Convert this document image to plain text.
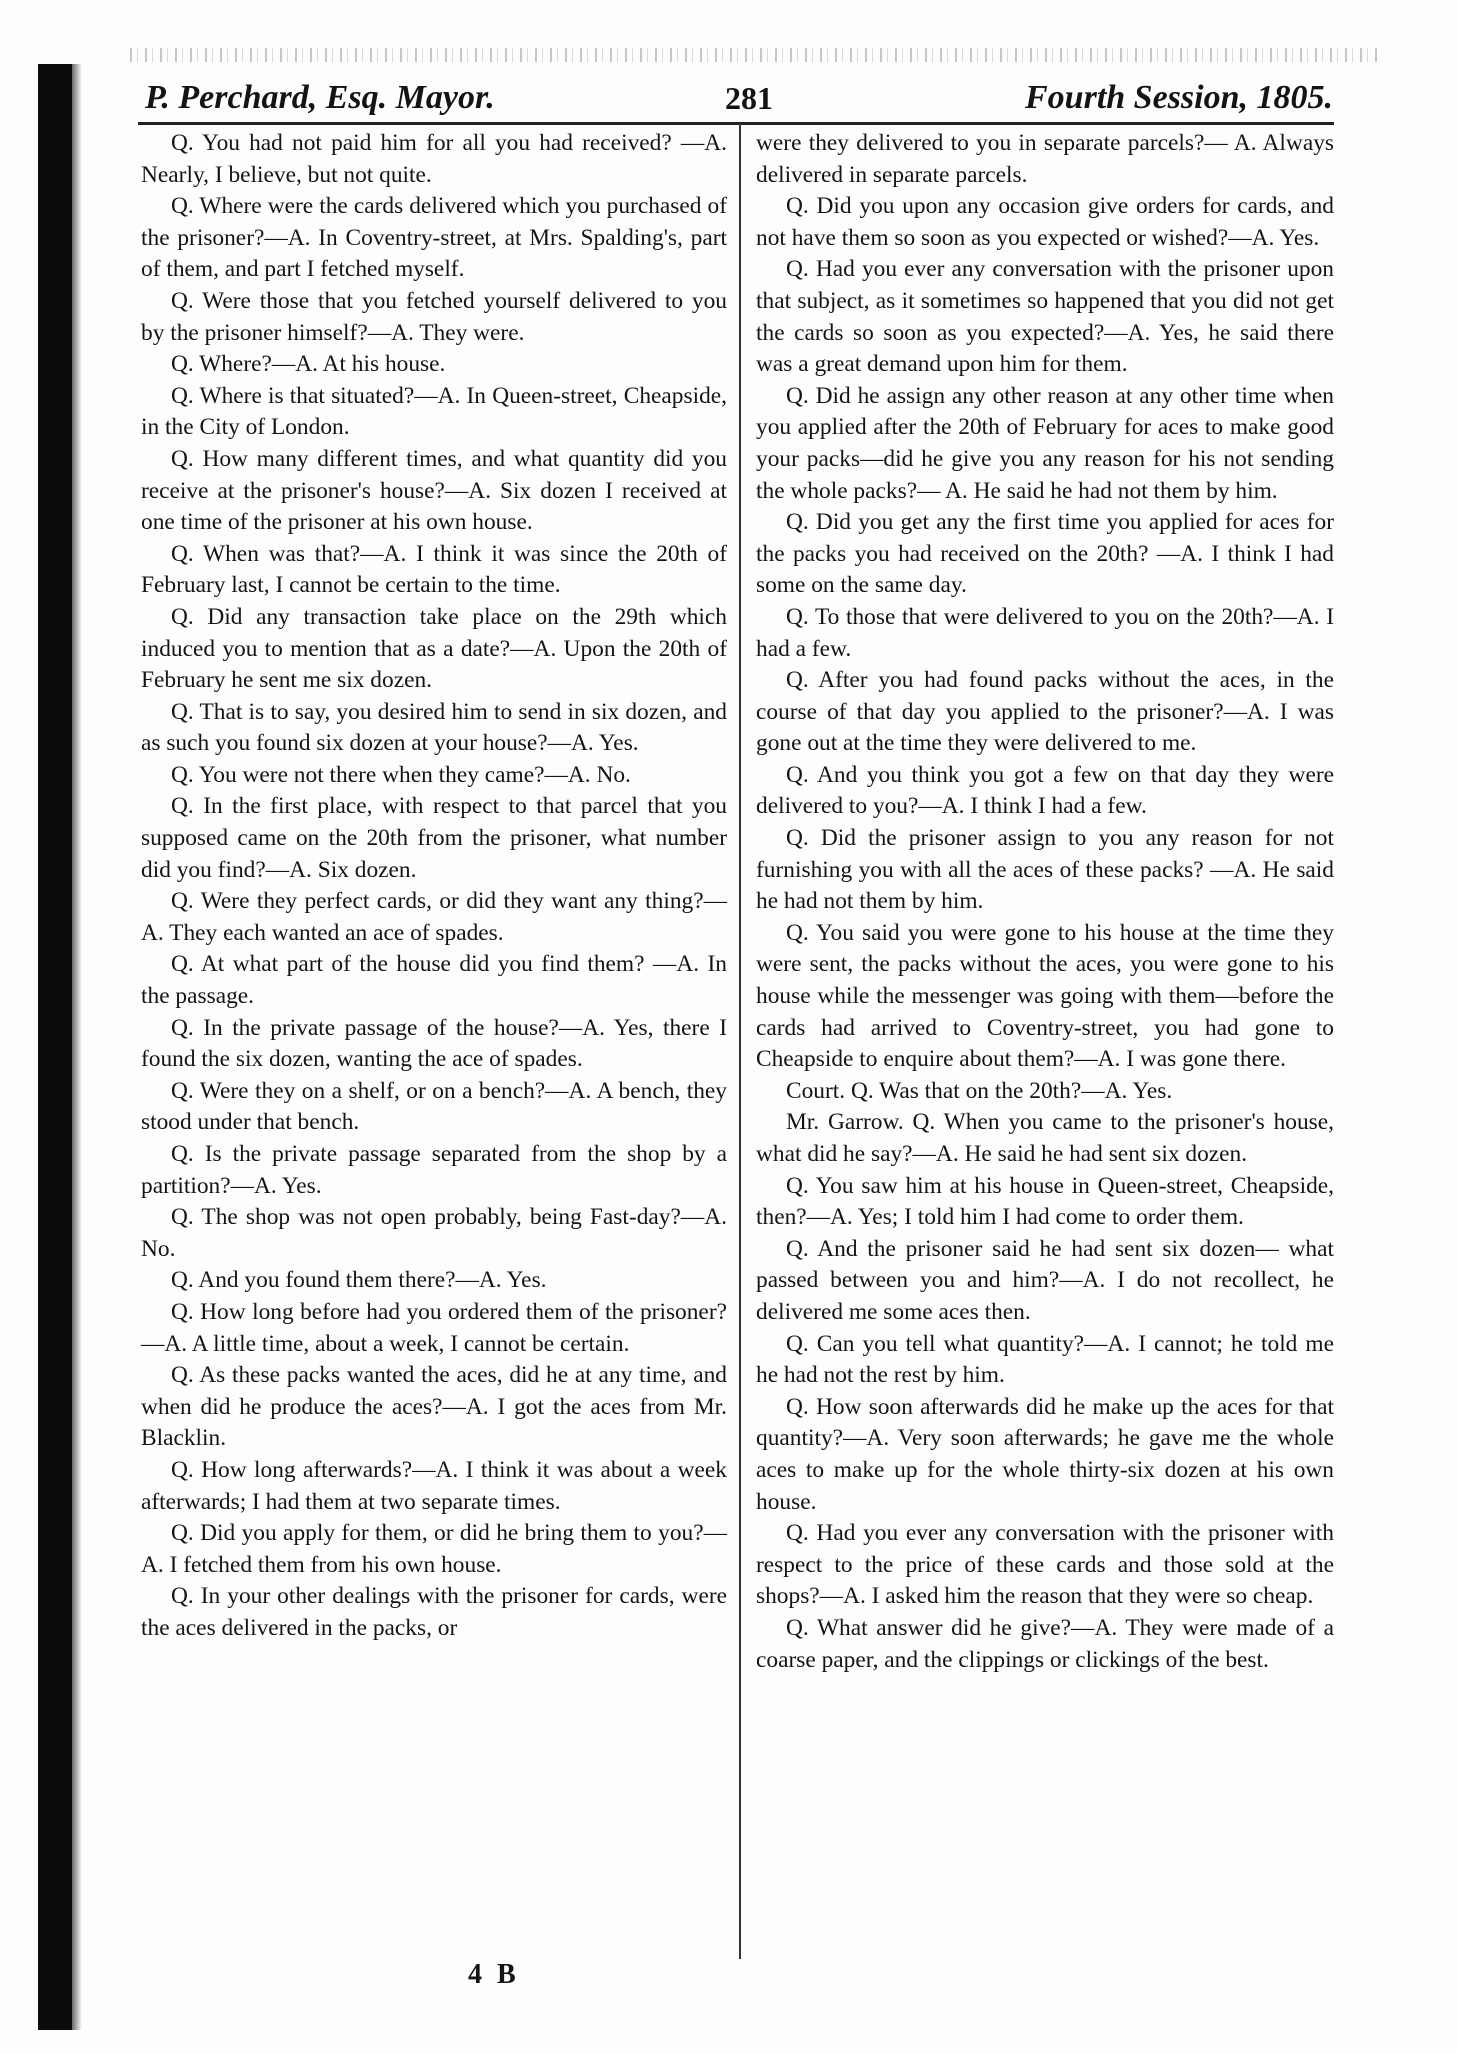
P. Perchard, Esq. Mayor.	281	Fourth Session, 1805.

Q. You had not paid him for all you had received? —A. Nearly, I believe, but not quite.

Q. Where were the cards delivered which you purchased of the prisoner?—A. In Coventry-street, at Mrs. Spalding's, part of them, and part I fetched myself.

Q. Were those that you fetched yourself delivered to you by the prisoner himself?—A. They were.

Q. Where?—A. At his house.

Q. Where is that situated?—A. In Queen-street, Cheapside, in the City of London.

Q. How many different times, and what quantity did you receive at the prisoner's house?—A. Six dozen I received at one time of the prisoner at his own house.

Q. When was that?—A. I think it was since the 20th of February last, I cannot be certain to the time.

Q. Did any transaction take place on the 29th which induced you to mention that as a date?—A. Upon the 20th of February he sent me six dozen.

Q. That is to say, you desired him to send in six dozen, and as such you found six dozen at your house?—A. Yes.

Q. You were not there when they came?—A. No.

Q. In the first place, with respect to that parcel that you supposed came on the 20th from the prisoner, what number did you find?—A. Six dozen.

Q. Were they perfect cards, or did they want any thing?—A. They each wanted an ace of spades.

Q. At what part of the house did you find them? —A. In the passage.

Q. In the private passage of the house?—A. Yes, there I found the six dozen, wanting the ace of spades.

Q. Were they on a shelf, or on a bench?—A. A bench, they stood under that bench.

Q. Is the private passage separated from the shop by a partition?—A. Yes.

Q. The shop was not open probably, being Fast-day?—A. No.

Q. And you found them there?—A. Yes.

Q. How long before had you ordered them of the prisoner?—A. A little time, about a week, I cannot be certain.

Q. As these packs wanted the aces, did he at any time, and when did he produce the aces?—A. I got the aces from Mr. Blacklin.

Q. How long afterwards?—A. I think it was about a week afterwards; I had them at two separate times.

Q. Did you apply for them, or did he bring them to you?—A. I fetched them from his own house.

Q. In your other dealings with the prisoner for cards, were the aces delivered in the packs, or

were they delivered to you in separate parcels?— A. Always delivered in separate parcels.

Q. Did you upon any occasion give orders for cards, and not have them so soon as you expected or wished?—A. Yes.

Q. Had you ever any conversation with the prisoner upon that subject, as it sometimes so happened that you did not get the cards so soon as you expected?—A. Yes, he said there was a great demand upon him for them.

Q. Did he assign any other reason at any other time when you applied after the 20th of February for aces to make good your packs—did he give you any reason for his not sending the whole packs?— A. He said he had not them by him.

Q. Did you get any the first time you applied for aces for the packs you had received on the 20th? —A. I think I had some on the same day.

Q. To those that were delivered to you on the 20th?—A. I had a few.

Q. After you had found packs without the aces, in the course of that day you applied to the prisoner?—A. I was gone out at the time they were delivered to me.

Q. And you think you got a few on that day they were delivered to you?—A. I think I had a few.

Q. Did the prisoner assign to you any reason for not furnishing you with all the aces of these packs? —A. He said he had not them by him.

Q. You said you were gone to his house at the time they were sent, the packs without the aces, you were gone to his house while the messenger was going with them—before the cards had arrived to Coventry-street, you had gone to Cheapside to enquire about them?—A. I was gone there.

Court. Q. Was that on the 20th?—A. Yes.

Mr. Garrow. Q. When you came to the prisoner's house, what did he say?—A. He said he had sent six dozen.

Q. You saw him at his house in Queen-street, Cheapside, then?—A. Yes; I told him I had come to order them.

Q. And the prisoner said he had sent six dozen— what passed between you and him?—A. I do not recollect, he delivered me some aces then.

Q. Can you tell what quantity?—A. I cannot; he told me he had not the rest by him.

Q. How soon afterwards did he make up the aces for that quantity?—A. Very soon afterwards; he gave me the whole aces to make up for the whole thirty-six dozen at his own house.

Q. Had you ever any conversation with the prisoner with respect to the price of these cards and those sold at the shops?—A. I asked him the reason that they were so cheap.

Q. What answer did he give?—A. They were made of a coarse paper, and the clippings or clickings of the best.

4 B
